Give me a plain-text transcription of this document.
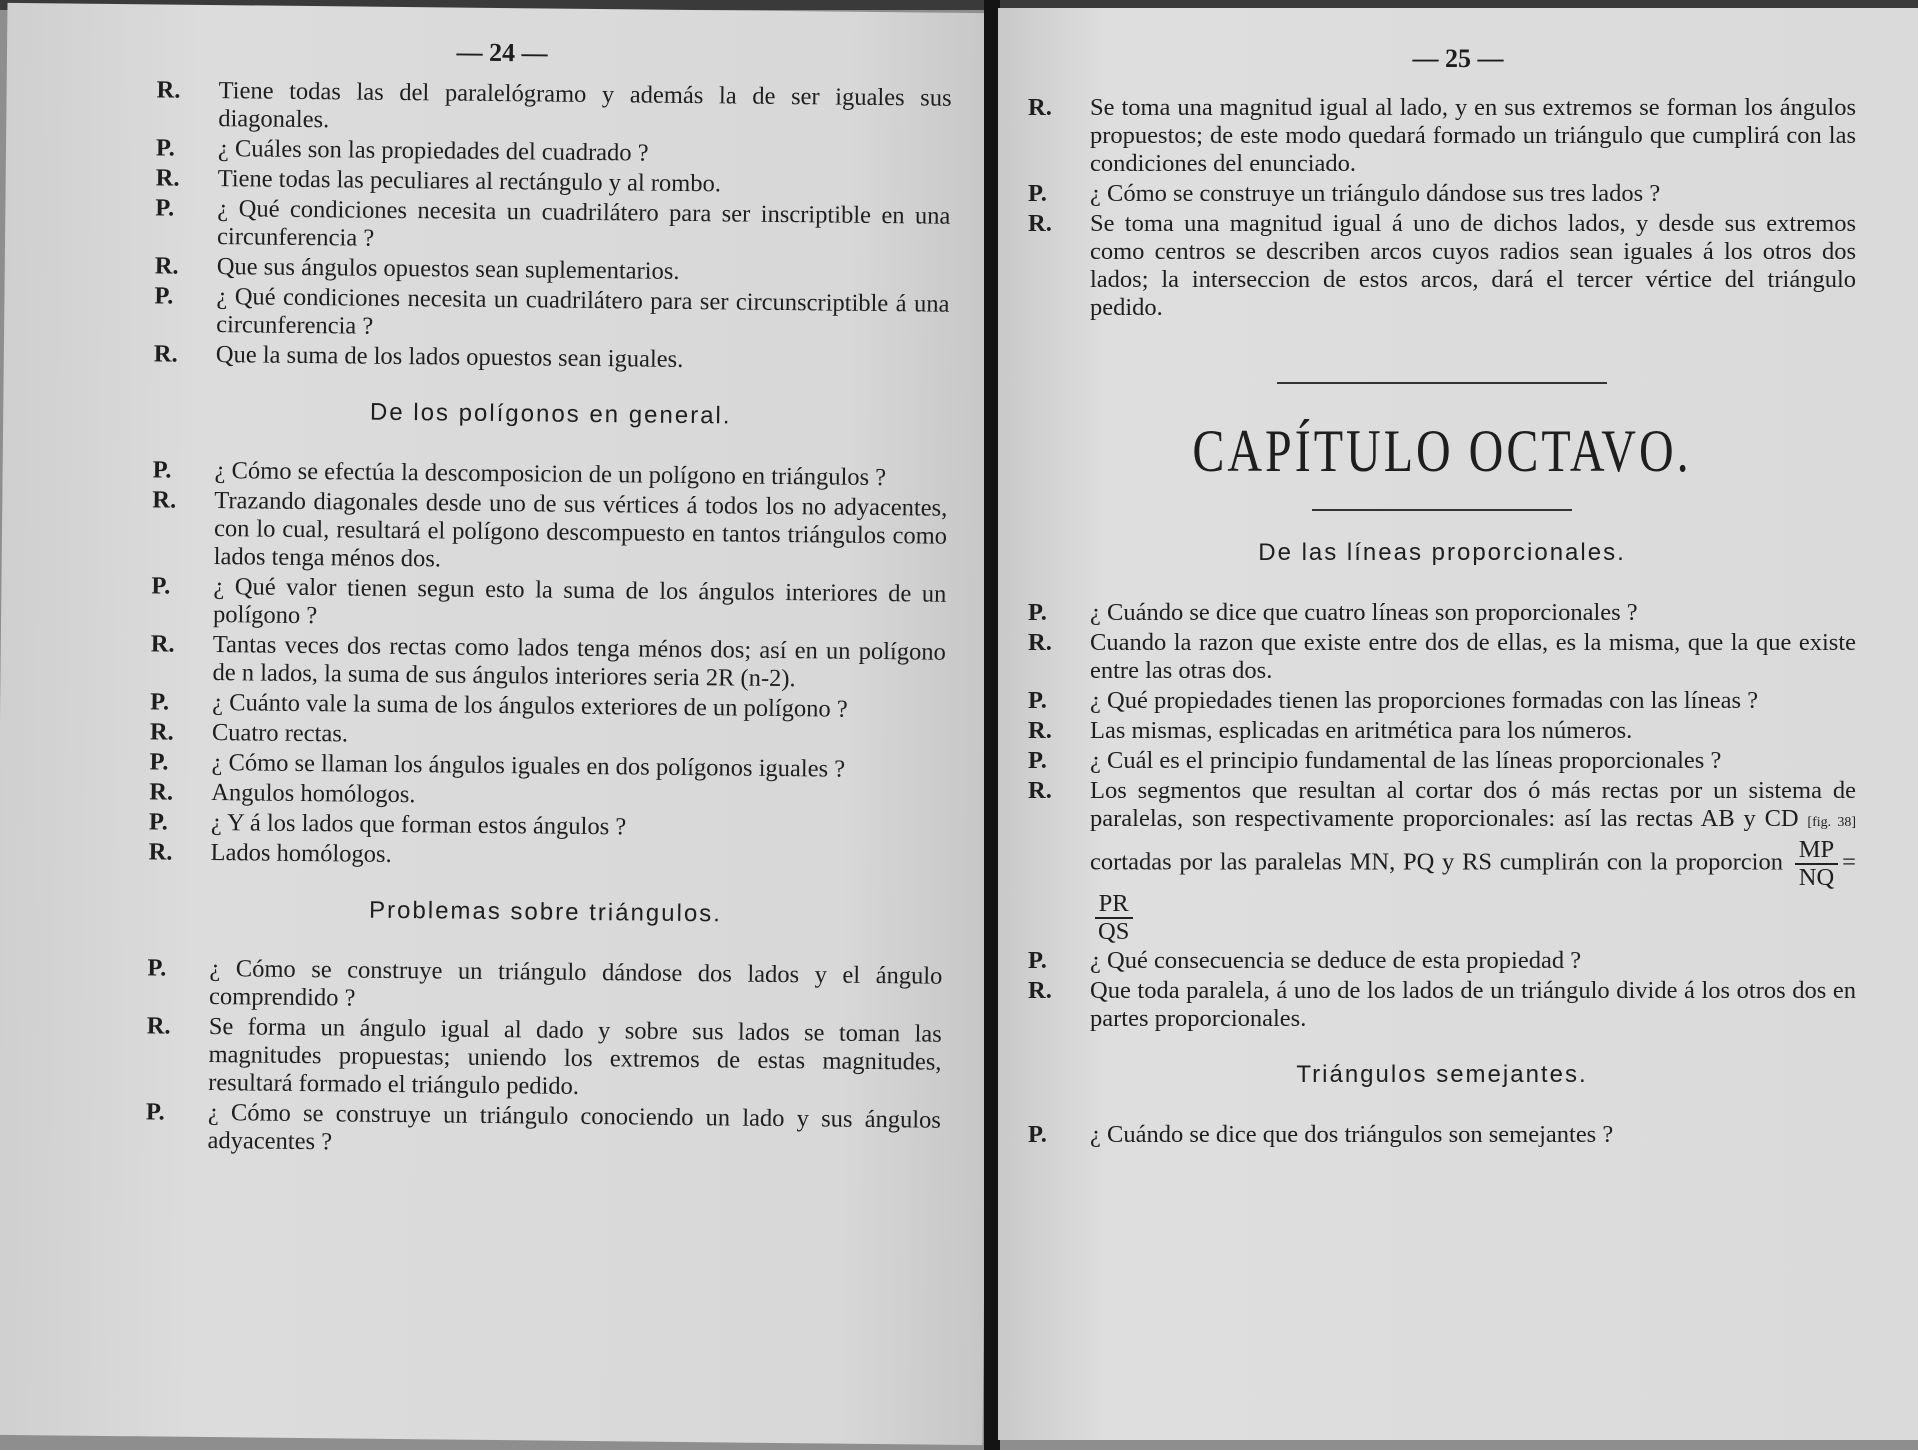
— 24 —
R.	Tiene todas las del paralelógramo y además la de ser iguales sus diagonales.
P.	¿ Cuáles son las propiedades del cuadrado ?
R.	Tiene todas las peculiares al rectángulo y al rombo.
P.	¿ Qué condiciones necesita un cuadrilátero para ser inscriptible en una circunferencia ?
R.	Que sus ángulos opuestos sean suplementarios.
P.	¿ Qué condiciones necesita un cuadrilátero para ser circunscriptible á una circunferencia ?
R.	Que la suma de los lados opuestos sean iguales.
De los polígonos en general.
P.	¿ Cómo se efectúa la descomposicion de un polígono en triángulos ?
R.	Trazando diagonales desde uno de sus vértices á todos los no adyacentes, con lo cual, resultará el polígono descompuesto en tantos triángulos como lados tenga ménos dos.
P.	¿ Qué valor tienen segun esto la suma de los ángulos interiores de un polígono ?
R.	Tantas veces dos rectas como lados tenga ménos dos; así en un polígono de n lados, la suma de sus ángulos interiores seria 2R (n-2).
P.	¿ Cuánto vale la suma de los ángulos exteriores de un polígono ?
R.	Cuatro rectas.
P.	¿ Cómo se llaman los ángulos iguales en dos polígonos iguales ?
R.	Angulos homólogos.
P.	¿ Y á los lados que forman estos ángulos ?
R.	Lados homólogos.
Problemas sobre triángulos.
P.	¿ Cómo se construye un triángulo dándose dos lados y el ángulo comprendido ?
R.	Se forma un ángulo igual al dado y sobre sus lados se toman las magnitudes propuestas; uniendo los extremos de estas magnitudes, resultará formado el triángulo pedido.
P.	¿ Cómo se construye un triángulo conociendo un lado y sus ángulos adyacentes ?
— 25 —
R.	Se toma una magnitud igual al lado, y en sus extremos se forman los ángulos propuestos; de este modo quedará formado un triángulo que cumplirá con las condiciones del enunciado.
P.	¿ Cómo se construye un triángulo dándose sus tres lados ?
R.	Se toma una magnitud igual á uno de dichos lados, y desde sus extremos como centros se describen arcos cuyos radios sean iguales á los otros dos lados; la interseccion de estos arcos, dará el tercer vértice del triángulo pedido.
CAPÍTULO OCTAVO.
De las líneas proporcionales.
P.	¿ Cuándo se dice que cuatro líneas son proporcionales ?
R.	Cuando la razon que existe entre dos de ellas, es la misma, que la que existe entre las otras dos.
P.	¿ Qué propiedades tienen las proporciones formadas con las líneas ?
R.	Las mismas, esplicadas en aritmética para los números.
P.	¿ Cuál es el principio fundamental de las líneas proporcionales ?
R.	Los segmentos que resultan al cortar dos ó más rectas por un sistema de paralelas, son respectivamente proporcionales: así las rectas AB y CD [fig. 38] cortadas por las paralelas MN, PQ y RS cumplirán con la proporcion $\frac{MP}{NQ}$ =
$\frac{PR}{QS}$
P.	¿ Qué consecuencia se deduce de esta propiedad ?
R.	Que toda paralela, á uno de los lados de un triángulo divide á los otros dos en partes proporcionales.
Triángulos semejantes.
P.	¿ Cuándo se dice que dos triángulos son semejantes ?
